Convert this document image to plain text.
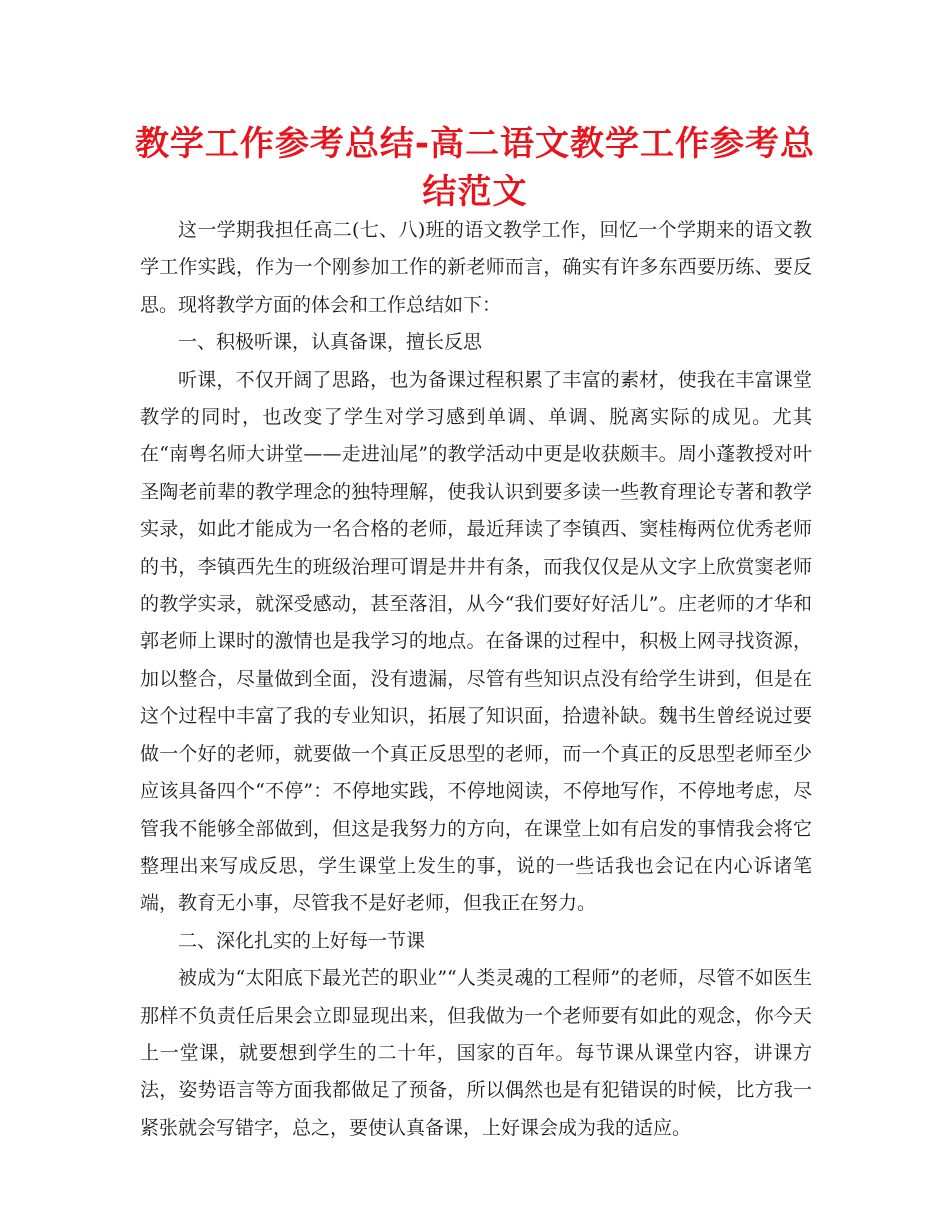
教学工作参考总结-高二语文教学工作参考总结范文

这一学期我担任高二(七、八)班的语文教学工作，回忆一个学期来的语文教学工作实践，作为一个刚参加工作的新老师而言，确实有许多东西要历练、要反思。现将教学方面的体会和工作总结如下：

一、积极听课，认真备课，擅长反思

听课，不仅开阔了思路，也为备课过程积累了丰富的素材，使我在丰富课堂教学的同时，也改变了学生对学习感到单调、单调、脱离实际的成见。尤其在“南粤名师大讲堂——走进汕尾”的教学活动中更是收获颇丰。周小蓬教授对叶圣陶老前辈的教学理念的独特理解，使我认识到要多读一些教育理论专著和教学实录，如此才能成为一名合格的老师，最近拜读了李镇西、窦桂梅两位优秀老师的书，李镇西先生的班级治理可谓是井井有条，而我仅仅是从文字上欣赏窦老师的教学实录，就深受感动，甚至落泪，从今“我们要好好活儿”。庄老师的才华和郭老师上课时的激情也是我学习的地点。在备课的过程中，积极上网寻找资源，加以整合，尽量做到全面，没有遗漏，尽管有些知识点没有给学生讲到，但是在这个过程中丰富了我的专业知识，拓展了知识面，拾遗补缺。魏书生曾经说过要做一个好的老师，就要做一个真正反思型的老师，而一个真正的反思型老师至少应该具备四个“不停”：不停地实践，不停地阅读，不停地写作，不停地考虑，尽管我不能够全部做到，但这是我努力的方向，在课堂上如有启发的事情我会将它整理出来写成反思，学生课堂上发生的事，说的一些话我也会记在内心诉诸笔端，教育无小事，尽管我不是好老师，但我正在努力。

二、深化扎实的上好每一节课

被成为“太阳底下最光芒的职业”“人类灵魂的工程师”的老师，尽管不如医生那样不负责任后果会立即显现出来，但我做为一个老师要有如此的观念，你今天上一堂课，就要想到学生的二十年，国家的百年。每节课从课堂内容，讲课方法，姿势语言等方面我都做足了预备，所以偶然也是有犯错误的时候，比方我一紧张就会写错字，总之，要使认真备课，上好课会成为我的适应。
